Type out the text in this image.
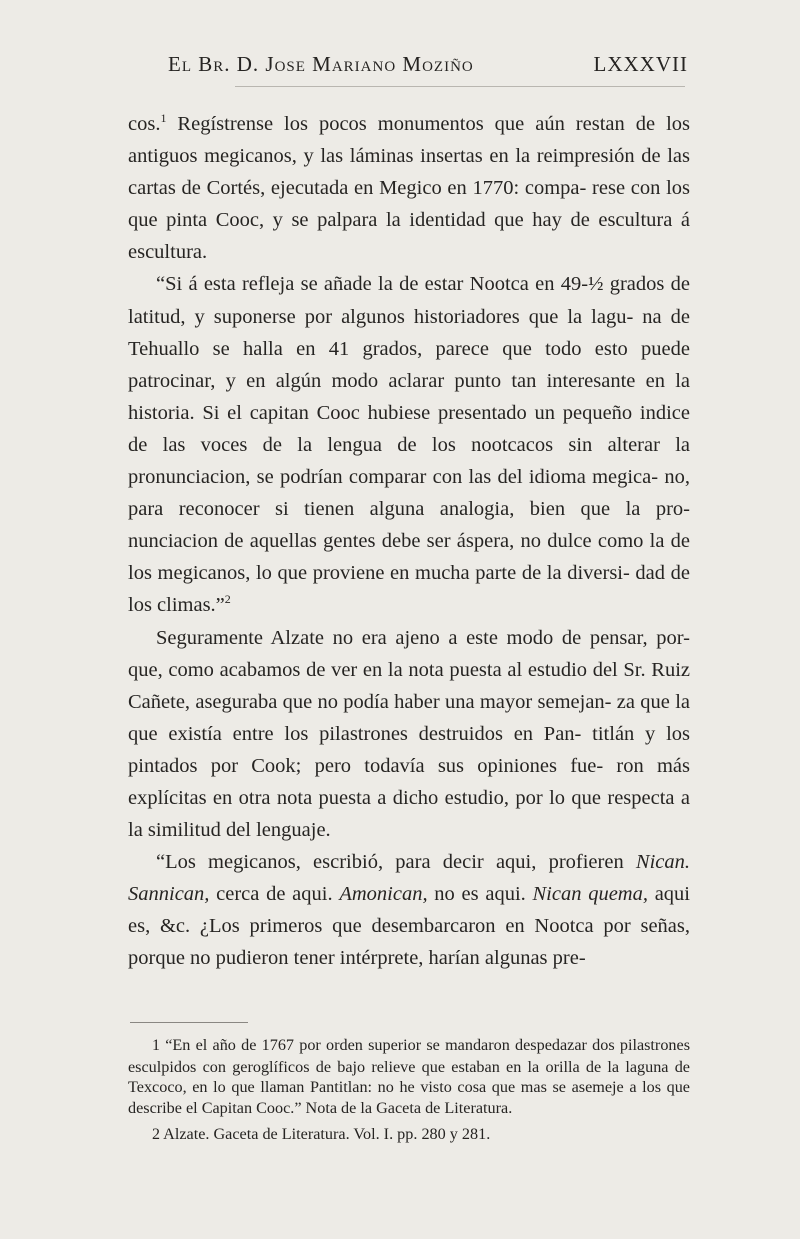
El Br. D. Jose Mariano Moziño	LXXXVII

cos.$^1$ Regístrense los pocos monumentos que aún restan de los antiguos megicanos, y las láminas insertas en la reimpresión de las cartas de Cortés, ejecutada en Megico en 1770: compa- rese con los que pinta Cooc, y se palpara la identidad que hay de escultura á escultura.

“Si á esta refleja se añade la de estar Nootca en 49-½ grados de latitud, y suponerse por algunos historiadores que la lagu- na de Tehuallo se halla en 41 grados, parece que todo esto puede patrocinar, y en algún modo aclarar punto tan interesante en la historia. Si el capitan Cooc hubiese presentado un pequeño indice de las voces de la lengua de los nootcacos sin alterar la pronunciacion, se podrían comparar con las del idioma megica- no, para reconocer si tienen alguna analogia, bien que la pro- nunciacion de aquellas gentes debe ser áspera, no dulce como la de los megicanos, lo que proviene en mucha parte de la diversi- dad de los climas.”$^2$

Seguramente Alzate no era ajeno a este modo de pensar, por- que, como acabamos de ver en la nota puesta al estudio del Sr. Ruiz Cañete, aseguraba que no podía haber una mayor semejan- za que la que existía entre los pilastrones destruidos en Pan- titlán y los pintados por Cook; pero todavía sus opiniones fue- ron más explícitas en otra nota puesta a dicho estudio, por lo que respecta a la similitud del lenguaje.

“Los megicanos, escribió, para decir aqui, profieren Nican. Sannican, cerca de aqui. Amonican, no es aqui. Nican quema, aqui es, &c. ¿Los primeros que desembarcaron en Nootca por señas, porque no pudieron tener intérprete, harían algunas pre-

1 “En el año de 1767 por orden superior se mandaron despedazar dos pilastrones esculpidos con geroglíficos de bajo relieve que estaban en la orilla de la laguna de Texcoco, en lo que llaman Pantitlan: no he visto cosa que mas se asemeje a los que describe el Capitan Cooc.” Nota de la Gaceta de Literatura.

2 Alzate. Gaceta de Literatura. Vol. I. pp. 280 y 281.
